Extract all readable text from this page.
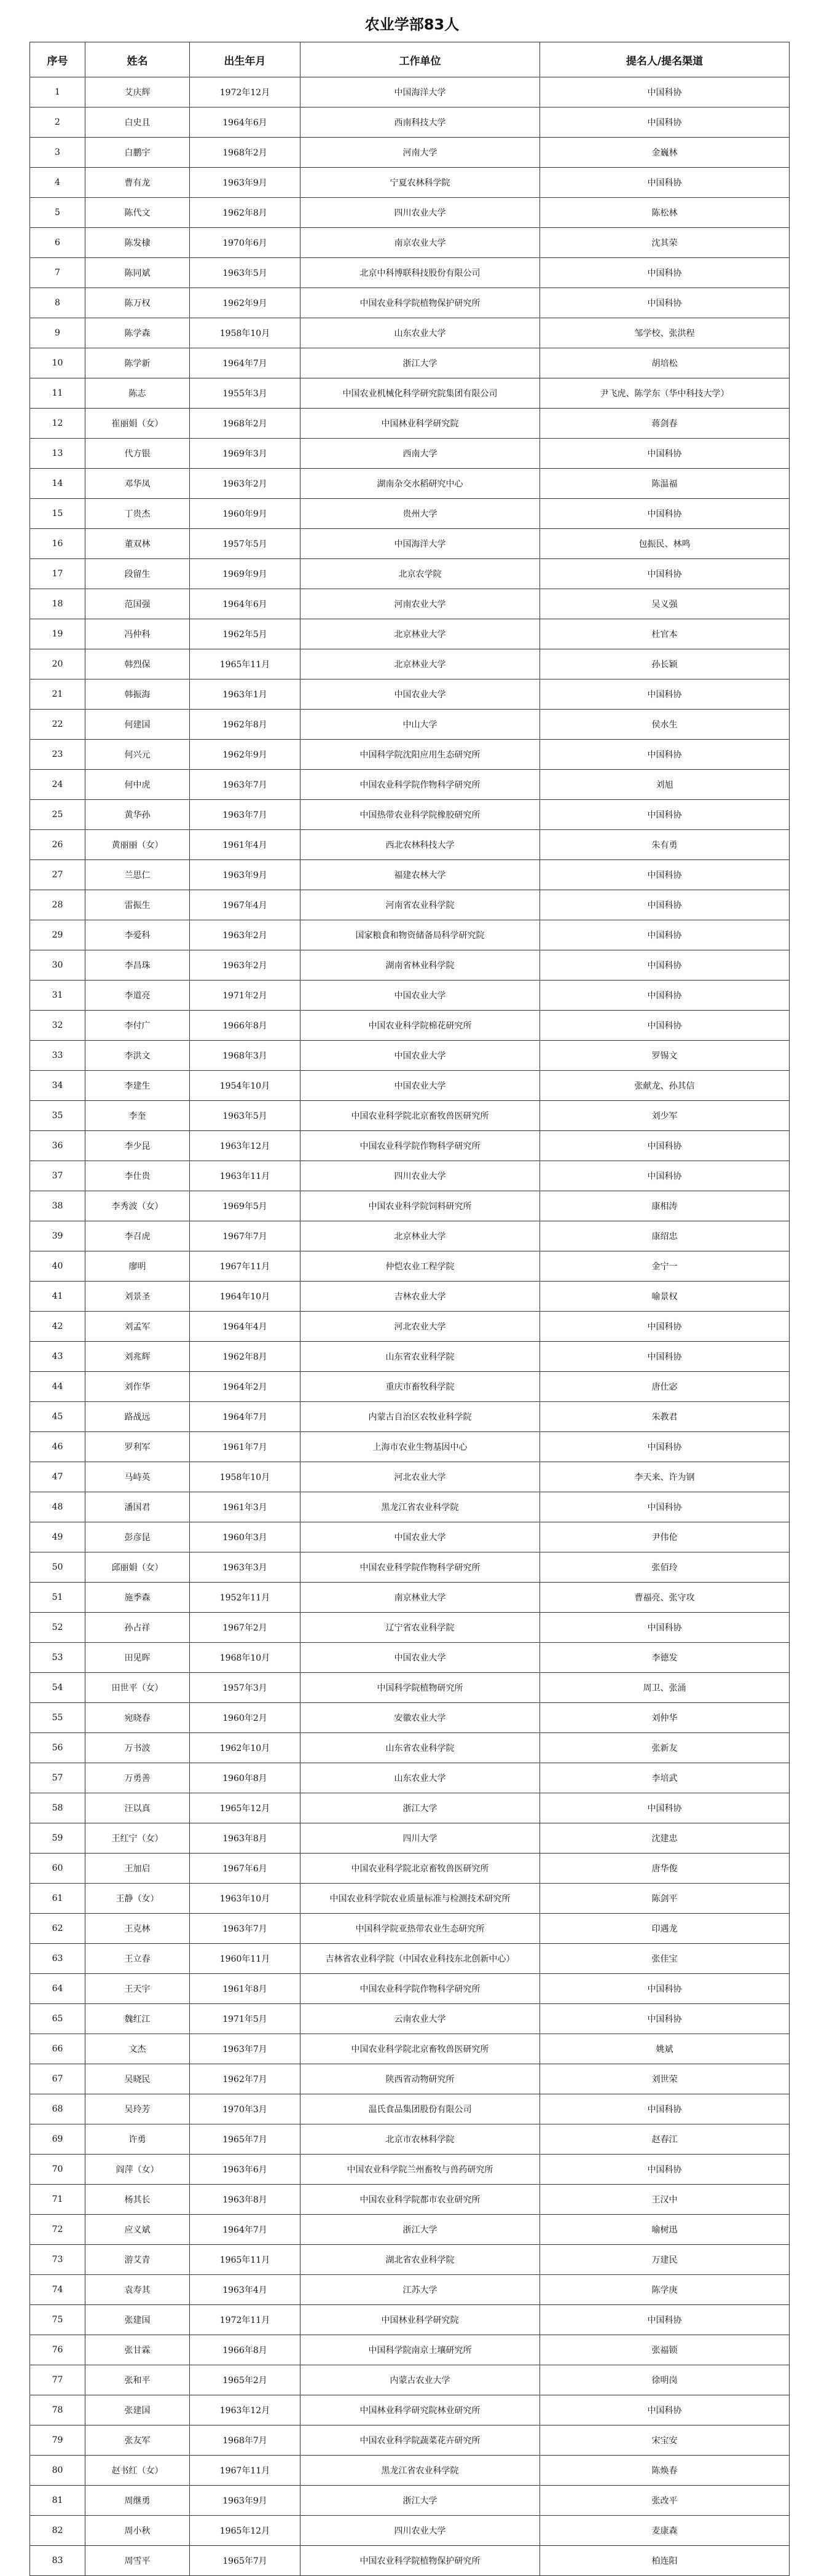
农业学部83人
序号	姓名	出生年月	工作单位	提名人/提名渠道
1	艾庆辉	1972年12月	中国海洋大学	中国科协
2	白史且	1964年6月	西南科技大学	中国科协
3	白鹏宇	1968年2月	河南大学	金巍林
4	曹有龙	1963年9月	宁夏农林科学院	中国科协
5	陈代文	1962年8月	四川农业大学	陈松林
6	陈发棣	1970年6月	南京农业大学	沈其荣
7	陈同斌	1963年5月	北京中科博联科技股份有限公司	中国科协
8	陈万权	1962年9月	中国农业科学院植物保护研究所	中国科协
9	陈学森	1958年10月	山东农业大学	邹学校、张洪程
10	陈学新	1964年7月	浙江大学	胡培松
11	陈志	1955年3月	中国农业机械化科学研究院集团有限公司	尹飞虎、陈学东（华中科技大学）
12	崔丽娟（女）	1968年2月	中国林业科学研究院	蒋剑春
13	代方银	1969年3月	西南大学	中国科协
14	邓华凤	1963年2月	湖南杂交水稻研究中心	陈温福
15	丁贵杰	1960年9月	贵州大学	中国科协
16	董双林	1957年5月	中国海洋大学	包振民、林鸣
17	段留生	1969年9月	北京农学院	中国科协
18	范国强	1964年6月	河南农业大学	吴义强
19	冯仲科	1962年5月	北京林业大学	杜官本
20	韩烈保	1965年11月	北京林业大学	孙长颖
21	韩振海	1963年1月	中国农业大学	中国科协
22	何建国	1962年8月	中山大学	侯水生
23	何兴元	1962年9月	中国科学院沈阳应用生态研究所	中国科协
24	何中虎	1963年7月	中国农业科学院作物科学研究所	刘旭
25	黄华孙	1963年7月	中国热带农业科学院橡胶研究所	中国科协
26	黄丽丽（女）	1961年4月	西北农林科技大学	朱有勇
27	兰思仁	1963年9月	福建农林大学	中国科协
28	雷振生	1967年4月	河南省农业科学院	中国科协
29	李爱科	1963年2月	国家粮食和物资储备局科学研究院	中国科协
30	李昌珠	1963年2月	湖南省林业科学院	中国科协
31	李道亮	1971年2月	中国农业大学	中国科协
32	李付广	1966年8月	中国农业科学院棉花研究所	中国科协
33	李洪文	1968年3月	中国农业大学	罗锡文
34	李建生	1954年10月	中国农业大学	张献龙、孙其信
35	李奎	1963年5月	中国农业科学院北京畜牧兽医研究所	刘少军
36	李少昆	1963年12月	中国农业科学院作物科学研究所	中国科协
37	李仕贵	1963年11月	四川农业大学	中国科协
38	李秀波（女）	1969年5月	中国农业科学院饲料研究所	康相涛
39	李召虎	1967年7月	北京林业大学	康绍忠
40	廖明	1967年11月	仲恺农业工程学院	金宁一
41	刘景圣	1964年10月	吉林农业大学	喻景权
42	刘孟军	1964年4月	河北农业大学	中国科协
43	刘兆辉	1962年8月	山东省农业科学院	中国科协
44	刘作华	1964年2月	重庆市畜牧科学院	唐仕宓
45	路战远	1964年7月	内蒙古自治区农牧业科学院	朱教君
46	罗利军	1961年7月	上海市农业生物基因中心	中国科协
47	马峙英	1958年10月	河北农业大学	李天来、许为钢
48	潘国君	1961年3月	黑龙江省农业科学院	中国科协
49	彭彦昆	1960年3月	中国农业大学	尹伟伦
50	邱丽娟（女）	1963年3月	中国农业科学院作物科学研究所	张佰玲
51	施季森	1952年11月	南京林业大学	曹福亮、张守攻
52	孙占祥	1967年2月	辽宁省农业科学院	中国科协
53	田见晖	1968年10月	中国农业大学	李德发
54	田世平（女）	1957年3月	中国科学院植物研究所	周卫、张涌
55	宛晓春	1960年2月	安徽农业大学	刘仲华
56	万书波	1962年10月	山东省农业科学院	张新友
57	万勇善	1960年8月	山东农业大学	李培武
58	汪以真	1965年12月	浙江大学	中国科协
59	王红宁（女）	1963年8月	四川大学	沈建忠
60	王加启	1967年6月	中国农业科学院北京畜牧兽医研究所	唐华俊
61	王静（女）	1963年10月	中国农业科学院农业质量标准与检测技术研究所	陈剑平
62	王克林	1963年7月	中国科学院亚热带农业生态研究所	印遇龙
63	王立春	1960年11月	吉林省农业科学院（中国农业科技东北创新中心）	张佳宝
64	王天宇	1961年8月	中国农业科学院作物科学研究所	中国科协
65	魏红江	1971年5月	云南农业大学	中国科协
66	文杰	1963年7月	中国农业科学院北京畜牧兽医研究所	姚斌
67	吴晓民	1962年7月	陕西省动物研究所	刘世荣
68	吴玲芳	1970年3月	温氏食品集团股份有限公司	中国科协
69	许勇	1965年7月	北京市农林科学院	赵春江
70	阎萍（女）	1963年6月	中国农业科学院兰州畜牧与兽药研究所	中国科协
71	杨其长	1963年8月	中国农业科学院都市农业研究所	王汉中
72	应义斌	1964年7月	浙江大学	喻树迅
73	游艾青	1965年11月	湖北省农业科学院	万建民
74	袁寿其	1963年4月	江苏大学	陈学庚
75	张建国	1972年11月	中国林业科学研究院	中国科协
76	张甘霖	1966年8月	中国科学院南京土壤研究所	张福锁
77	张和平	1965年2月	内蒙古农业大学	徐明岗
78	张建国	1963年12月	中国林业科学研究院林业研究所	中国科协
79	张友军	1968年7月	中国农业科学院蔬菜花卉研究所	宋宝安
80	赵书红（女）	1967年11月	黑龙江省农业科学院	陈焕春
81	周继勇	1963年9月	浙江大学	张改平
82	周小秋	1965年12月	四川农业大学	麦康森
83	周雪平	1965年7月	中国农业科学院植物保护研究所	柏连阳
